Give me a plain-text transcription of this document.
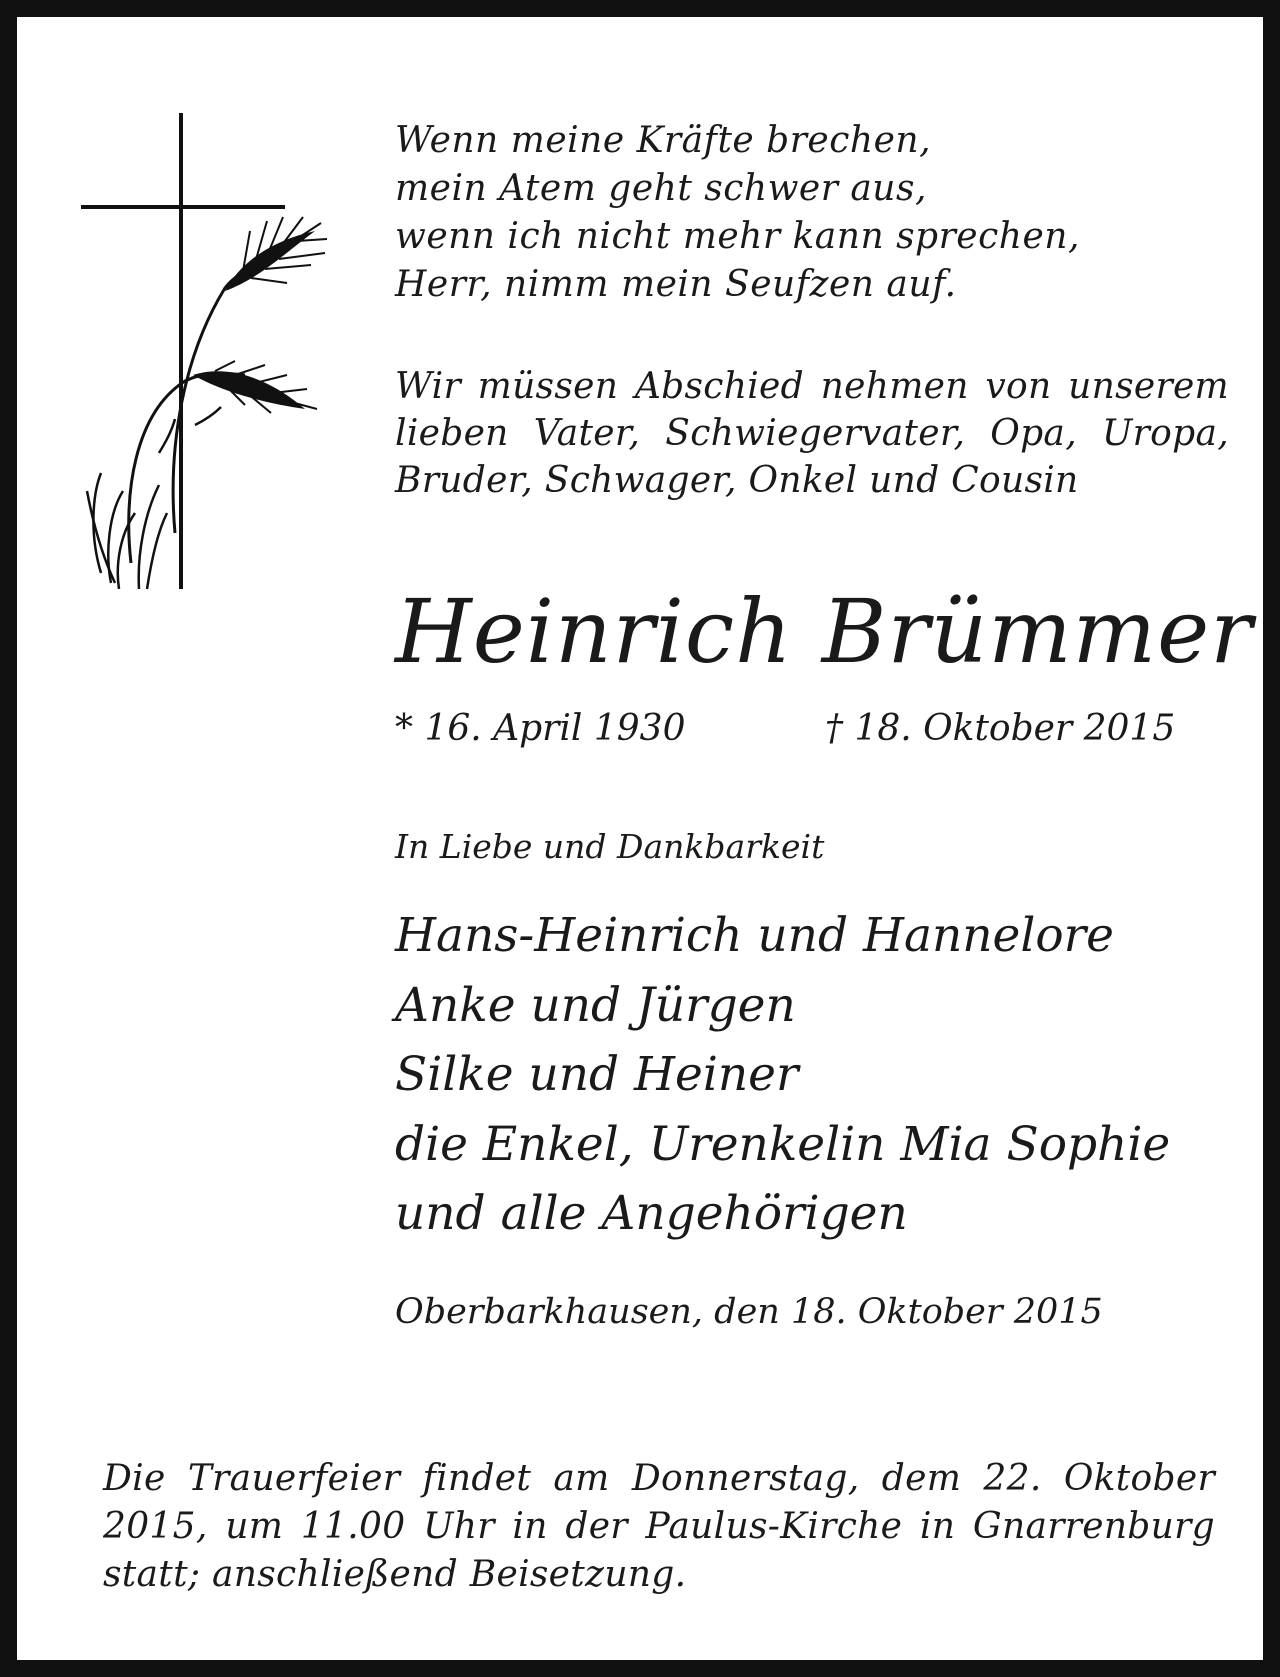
Wenn meine Kräfte brechen,
mein Atem geht schwer aus,
wenn ich nicht mehr kann sprechen,
Herr, nimm mein Seufzen auf.
Wir müssen Abschied nehmen von unserem lieben Vater, Schwiegervater, Opa, Uropa, Bruder, Schwager, Onkel und Cousin
Heinrich Brümmer
* 16. April 1930	† 18. Oktober 2015
In Liebe und Dankbarkeit
Hans-Heinrich und Hannelore
Anke und Jürgen
Silke und Heiner
die Enkel, Urenkelin Mia Sophie
und alle Angehörigen
Oberbarkhausen, den 18. Oktober 2015
Die Trauerfeier findet am Donnerstag, dem 22. Oktober 2015, um 11.00 Uhr in der Paulus-Kirche in Gnarrenburg statt; anschließend Beisetzung.
